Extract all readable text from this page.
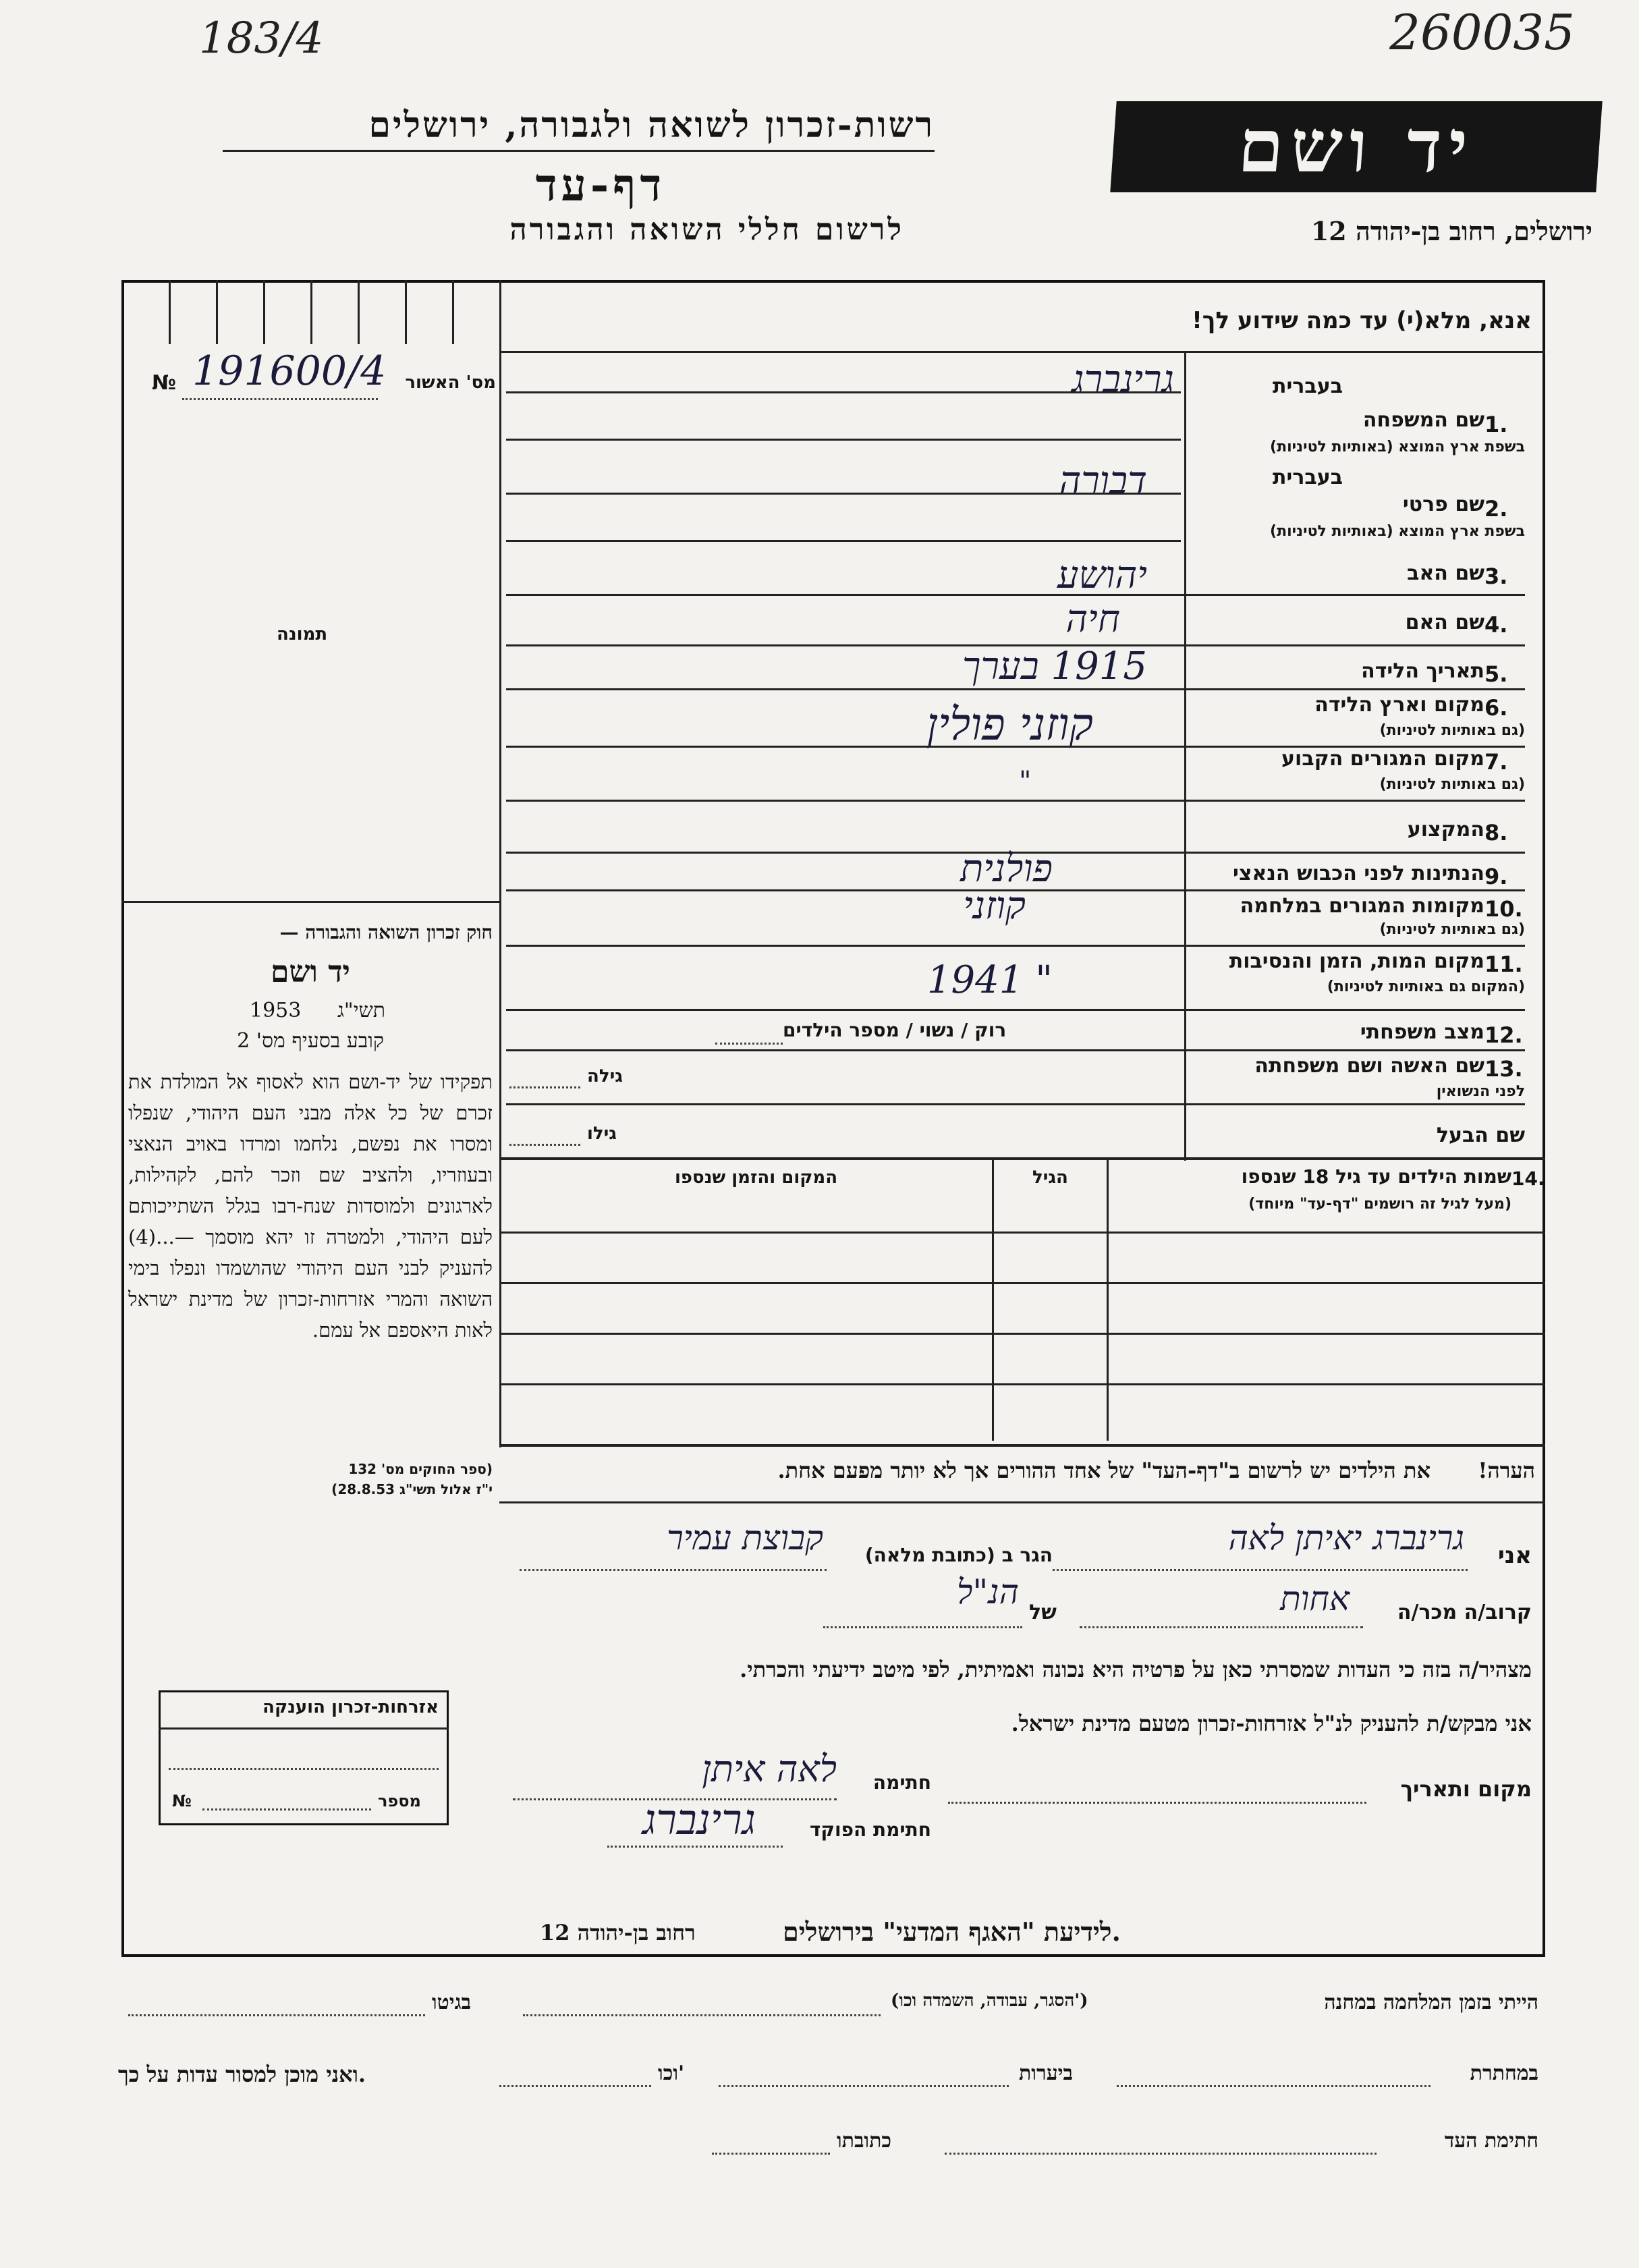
260035
183/4
רשות-זכרון לשואה ולגבורה, ירושלים
דף-עד
לרשום חללי השואה והגבורה
יד ושם
ירושלים, רחוב בן-יהודה 12
אנא, מלא(י) עד כמה שידוע לך!
№ 191600/4	מס' האשור
תמונה
1.
שם המשפחה
בשפת ארץ המוצא (באותיות לטיניות)
בעברית
גרינברג
2.
שם פרטי
בשפת ארץ המוצא (באותיות לטיניות)
בעברית
דבורה
3.
שם האב
יהושע
4.
שם האם
חיה
5.
תאריך הלידה
1915 בערך
6.
מקום וארץ הלידה
(גם באותיות לטיניות)
קוזני פולין
7.
מקום המגורים הקבוע
(גם באותיות לטיניות)
"
8.
המקצוע
9.
הנתינות לפני הכבוש הנאצי
פולנית
10.
מקומות המגורים במלחמה
(גם באותיות לטיניות)
קוזני
11.
מקום המות, הזמן והנסיבות
(המקום גם באותיות לטיניות)
" 1941
12.
מצב משפחתי
רוק / נשוי / מספר הילדים
13.
שם האשה ושם משפחתה
לפני הנשואין
גילה
שם הבעל
גילו
14.
שמות הילדים עד גיל 18 שנספו
(מעל לגיל זה רושמים "דף-עד" מיוחד)
הגיל
המקום והזמן שנספו
חוק זכרון השואה והגבורה —
יד ושם
1953 תשי"ג
קובע בסעיף מס' 2
תפקידו של יד-ושם הוא לאסוף אל המולדת את זכרם של כל אלה מבני העם היהודי, שנפלו ומסרו את נפשם, נלחמו ומרדו באויב הנאצי ובעוזריו, ולהציב שם וזכר להם, לקהילות, לארגונים ולמוסדות שנח-רבו בגלל השתייכותם לעם היהודי, ולמטרה זו יהא מוסמך —...(4) להעניק לבני העם היהודי שהושמדו ונפלו בימי השואה והמרי אזרחות-זכרון של מדינת ישראל לאות היאספם אל עמם.
(ספר החוקים מס' 132
י"ז אלול תשי"ג 28.8.53)
את הילדים יש לרשום ב"דף-העד" של אחד ההורים אך לא יותר מפעם אחת.	הערה!
אני
גרינברג יאיתן לאה
הגר ב (כתובת מלאה)
קבוצת עמיר
קרוב/ה מכר/ה
אחות
של
הנ"ל
מצהיר/ה בזה כי העדות שמסרתי כאן על פרטיה היא נכונה ואמיתית, לפי מיטב ידיעתי והכרתי.
אני מבקש/ת להעניק לנ"ל אזרחות-זכרון מטעם מדינת ישראל.
מקום ותאריך
חתימה
לאה איתן
חתימת הפוקד
גרינברג
אזרחות-זכרון הוענקה
№	מספר
לידיעת "האגף המדעי" בירושלים.
רחוב בן-יהודה 12
הייתי בזמן המלחמה במחנה
(הסגר, עבודה, השמדה וכו')
בגיטו
במחתרת
ביערות
וכו'
ואני מוכן למסור עדות על כך.
חתימת העד
כתובתו
